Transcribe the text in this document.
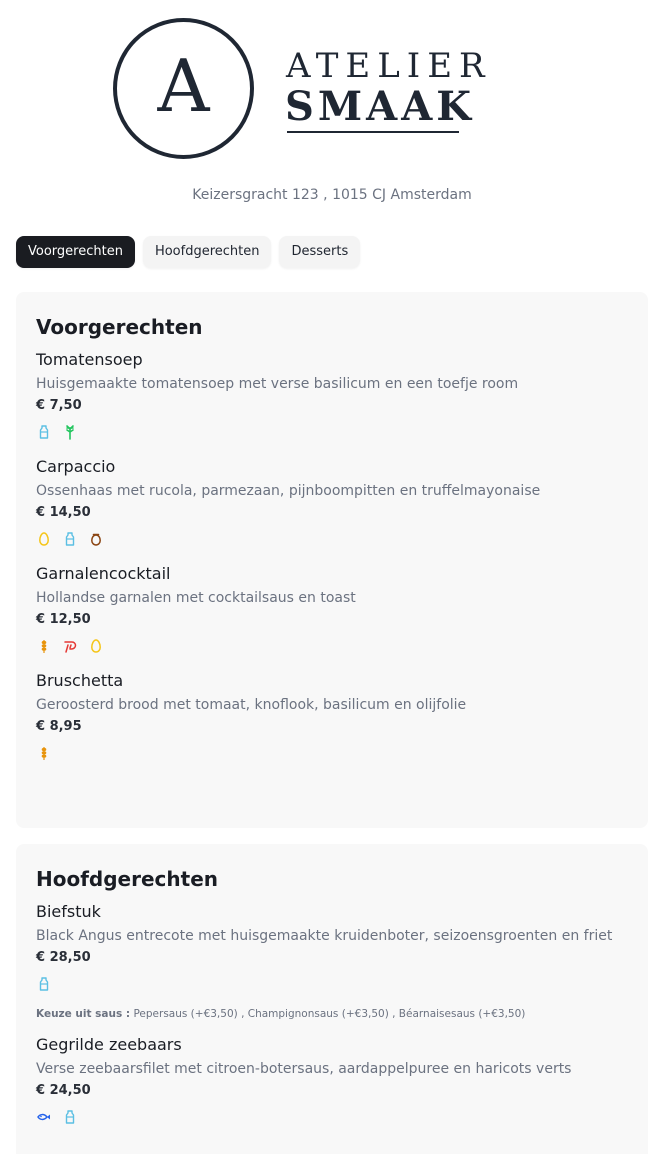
A	ATELIER
SMAAK
Keizersgracht 123 , 1015 CJ Amsterdam
Voorgerechten	Hoofdgerechten	Desserts
Voorgerechten
Tomatensoep
Huisgemaakte tomatensoep met verse basilicum en een toefje room
€ 7,50
Carpaccio
Ossenhaas met rucola, parmezaan, pijnboompitten en truffelmayonaise
€ 14,50
Garnalencocktail
Hollandse garnalen met cocktailsaus en toast
€ 12,50
Bruschetta
Geroosterd brood met tomaat, knoflook, basilicum en olijfolie
€ 8,95
Hoofdgerechten
Biefstuk
Black Angus entrecote met huisgemaakte kruidenboter, seizoensgroenten en friet
€ 28,50
Keuze uit saus : Pepersaus (+€3,50) , Champignonsaus (+€3,50) , Béarnaisesaus (+€3,50)
Gegrilde zeebaars
Verse zeebaarsfilet met citroen-botersaus, aardappelpuree en haricots verts
€ 24,50
